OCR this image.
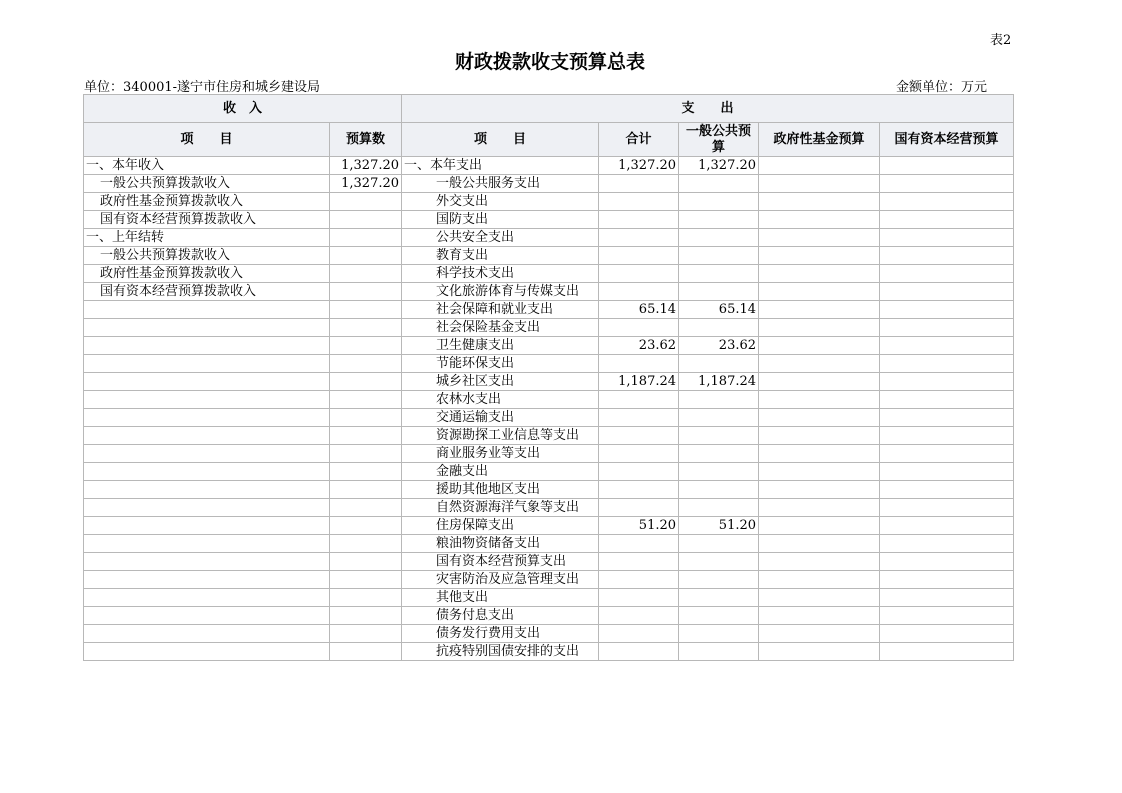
表2
财政拨款收支预算总表
单位：340001-遂宁市住房和城乡建设局	金额单位：万元
收　入		支　　出				
项　　目	预算数	项　　目	合计	一般公共预算	政府性基金预算	国有资本经营预算
一、本年收入	1,327.20	一、本年支出	1,327.20	1,327.20		
一般公共预算拨款收入	1,327.20	一般公共服务支出				
政府性基金预算拨款收入		外交支出				
国有资本经营预算拨款收入		国防支出				
一、上年结转		公共安全支出				
一般公共预算拨款收入		教育支出				
政府性基金预算拨款收入		科学技术支出				
国有资本经营预算拨款收入		文化旅游体育与传媒支出				
		社会保障和就业支出	65.14	65.14		
		社会保险基金支出				
		卫生健康支出	23.62	23.62		
		节能环保支出				
		城乡社区支出	1,187.24	1,187.24		
		农林水支出				
		交通运输支出				
		资源勘探工业信息等支出				
		商业服务业等支出				
		金融支出				
		援助其他地区支出				
		自然资源海洋气象等支出				
		住房保障支出	51.20	51.20		
		粮油物资储备支出				
		国有资本经营预算支出				
		灾害防治及应急管理支出				
		其他支出				
		债务付息支出				
		债务发行费用支出				
		抗疫特别国债安排的支出				
